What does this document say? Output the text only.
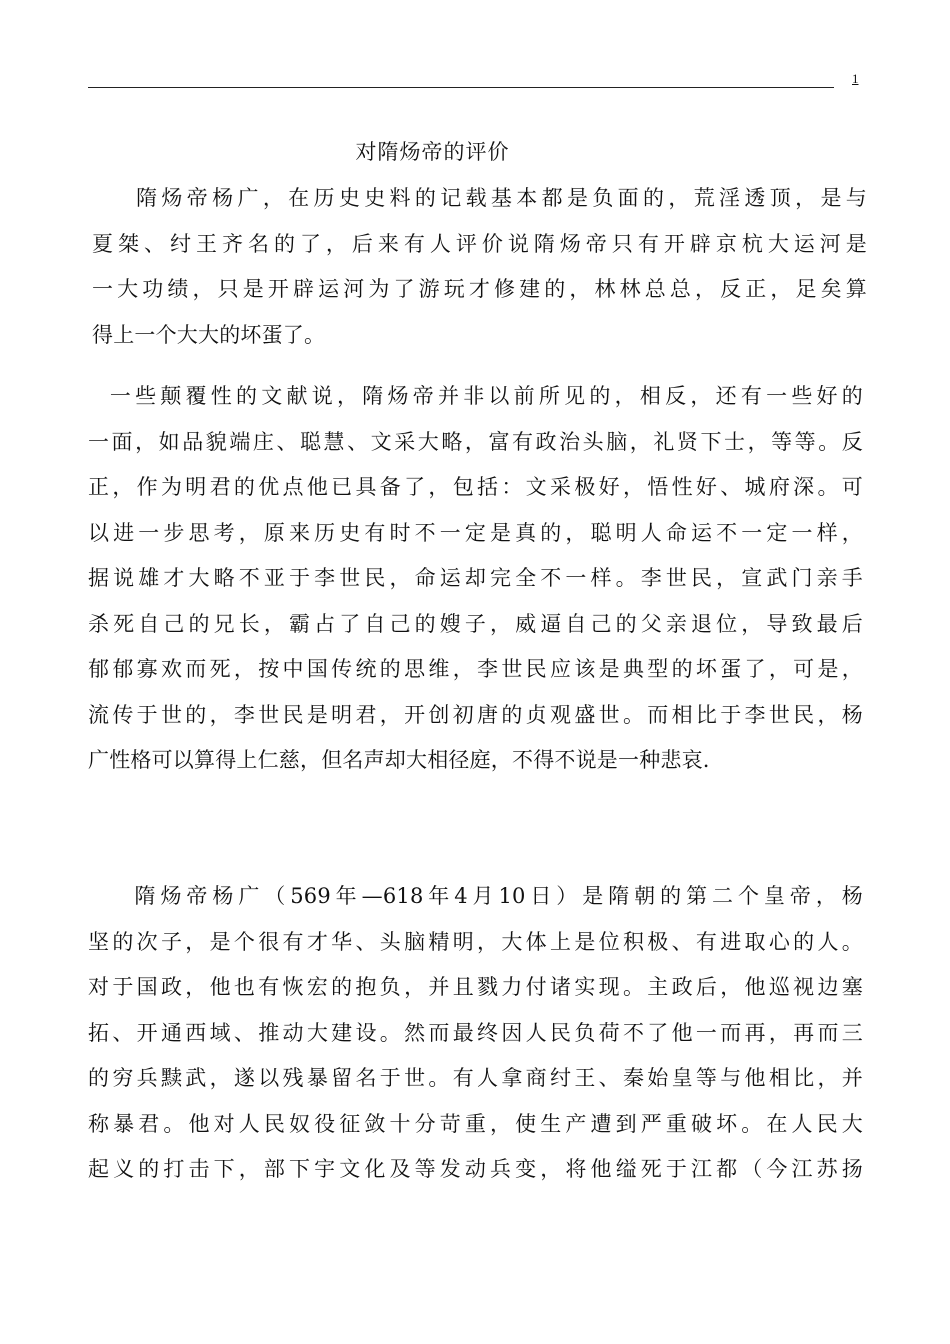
1
对隋炀帝的评价
隋炀帝杨广，在历史史料的记载基本都是负面的，荒淫透顶，是与
夏桀、纣王齐名的了，后来有人评价说隋炀帝只有开辟京杭大运河是
一大功绩，只是开辟运河为了游玩才修建的，林林总总，反正，足矣算
得上一个大大的坏蛋了。
一些颠覆性的文献说，隋炀帝并非以前所见的，相反，还有一些好的
一面，如品貌端庄、聪慧、文采大略，富有政治头脑，礼贤下士，等等。反
正，作为明君的优点他已具备了，包括：文采极好，悟性好、城府深。可
以进一步思考，原来历史有时不一定是真的，聪明人命运不一定一样，
据说雄才大略不亚于李世民，命运却完全不一样。李世民，宣武门亲手
杀死自己的兄长，霸占了自己的嫂子，威逼自己的父亲退位，导致最后
郁郁寡欢而死，按中国传统的思维，李世民应该是典型的坏蛋了，可是，
流传于世的，李世民是明君，开创初唐的贞观盛世。而相比于李世民，杨
广性格可以算得上仁慈，但名声却大相径庭，不得不说是一种悲哀.
隋炀帝杨广（569年—618年4月10日）是隋朝的第二个皇帝，杨
坚的次子，是个很有才华、头脑精明，大体上是位积极、有进取心的人。
对于国政，他也有恢宏的抱负，并且戮力付诸实现。主政后，他巡视边塞
拓、开通西域、推动大建设。然而最终因人民负荷不了他一而再，再而三
的穷兵黩武，遂以残暴留名于世。有人拿商纣王、秦始皇等与他相比，并
称暴君。他对人民奴役征敛十分苛重，使生产遭到严重破坏。在人民大
起义的打击下，部下宇文化及等发动兵变，将他缢死于江都（今江苏扬
